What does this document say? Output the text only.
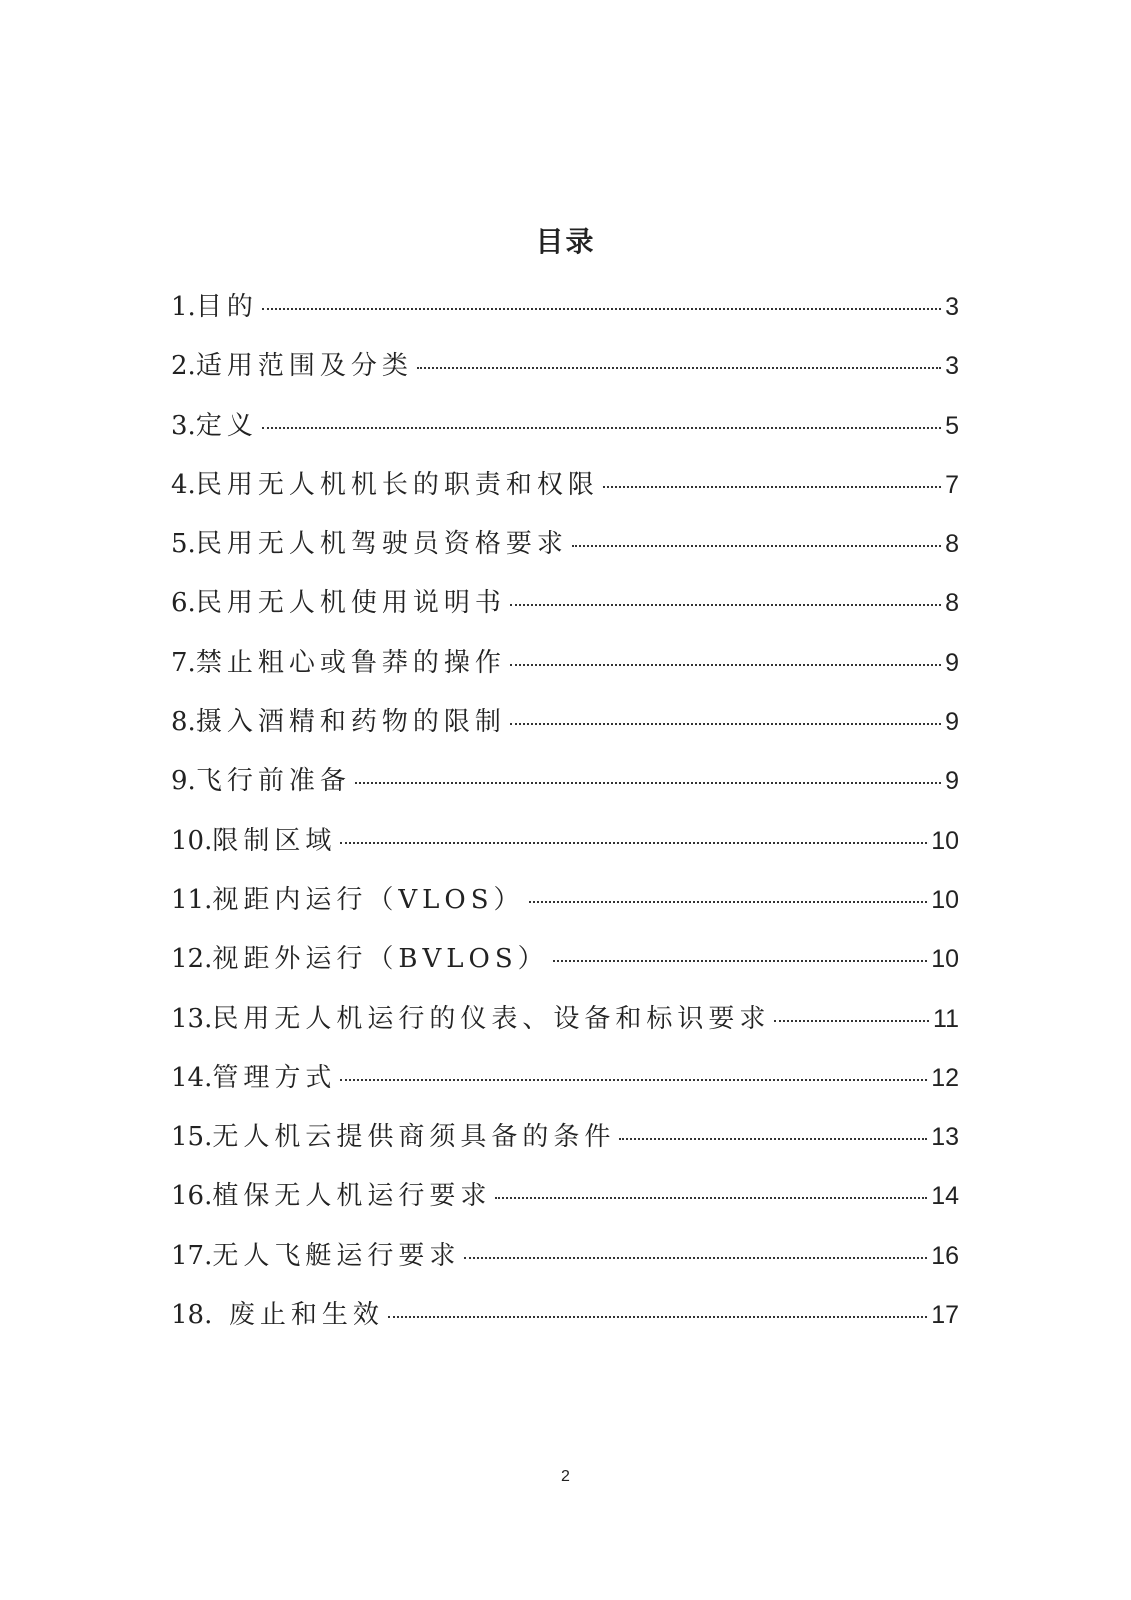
目录
1. 目的	3
2. 适用范围及分类	3
3. 定义	5
4. 民用无人机机长的职责和权限	7
5. 民用无人机驾驶员资格要求	8
6. 民用无人机使用说明书	8
7. 禁止粗心或鲁莽的操作	9
8. 摄入酒精和药物的限制	9
9. 飞行前准备	9
10. 限制区域	10
11. 视距内运行（VLOS）	10
12. 视距外运行（BVLOS）	10
13. 民用无人机运行的仪表、设备和标识要求	11
14. 管理方式	12
15. 无人机云提供商须具备的条件	13
16. 植保无人机运行要求	14
17. 无人飞艇运行要求	16
18. 废止和生效	17
2
